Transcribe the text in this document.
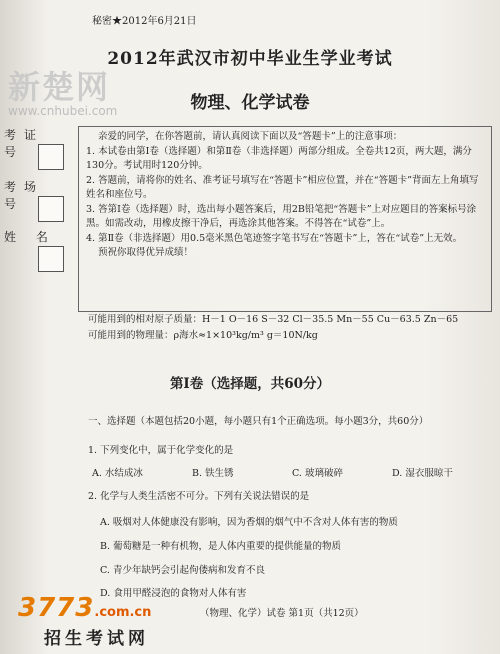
秘密★2012年6月21日
新楚网
www.cnhubei.com
2012年武汉市初中毕业生学业考试
物理、化学试卷
考证号
考场号
姓 名

亲爱的同学，在你答题前，请认真阅读下面以及“答题卡”上的注意事项：

1. 本试卷由第Ⅰ卷（选择题）和第Ⅱ卷（非选择题）两部分组成。全卷共12页，两大题，满分130分。考试用时120分钟。

2. 答题前，请将你的姓名、准考证号填写在“答题卡”相应位置，并在“答题卡”背面左上角填写姓名和座位号。

3. 答第Ⅰ卷（选择题）时，选出每小题答案后，用2B铅笔把“答题卡”上对应题目的答案标号涂黑。如需改动，用橡皮擦干净后，再选涂其他答案。不得答在“试卷”上。

4. 第Ⅱ卷（非选择题）用0.5毫米黑色笔迹签字笔书写在“答题卡”上，答在“试卷”上无效。

预祝你取得优异成绩！

可能用到的相对原子质量：H－1 O－16 S－32 Cl－35.5 Mn－55 Cu－63.5 Zn－65
可能用到的物理量：ρ海水≈1×10³kg/m³ g＝10N/kg
第Ⅰ卷（选择题，共60分）
一、选择题（本题包括20小题，每小题只有1个正确选项。每小题3分，共60分）
1. 下列变化中，属于化学变化的是
A. 水结成冰	B. 铁生锈	C. 玻璃破碎	D. 湿衣服晾干
2. 化学与人类生活密不可分。下列有关说法错误的是
A. 吸烟对人体健康没有影响，因为香烟的烟气中不含对人体有害的物质
B. 葡萄糖是一种有机物，是人体内重要的提供能量的物质
C. 青少年缺钙会引起佝偻病和发育不良
D. 食用甲醛浸泡的食物对人体有害
（物理、化学）试卷 第1页（共12页）
3773.com.cn
招生考试网
